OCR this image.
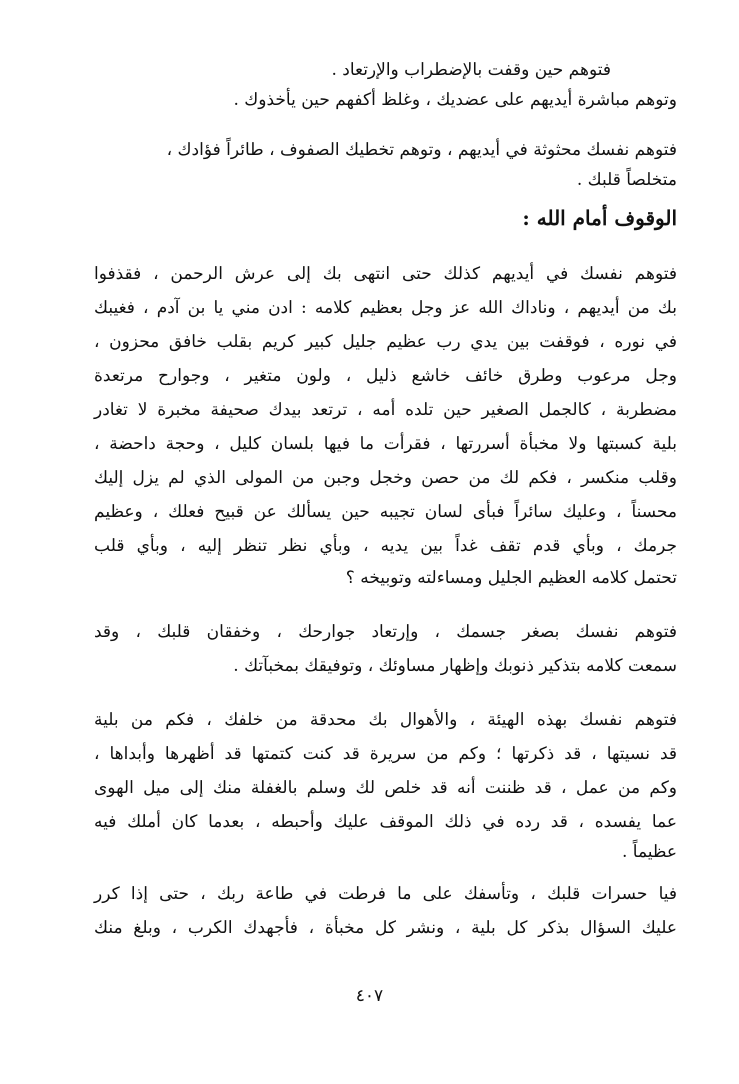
فتوهم حين وقفت بالإضطراب والإرتعاد .
وتوهم مباشرة أيديهم على عضديك ، وغلظ أكفهم حين يأخذوك .
فتوهم نفسك محثوثة في أيديهم ، وتوهم تخطيك الصفوف ، طائراً فؤادك ،
متخلصاً قلبك .
الوقوف أمام الله :
فتوهم نفسك في أيديهم كذلك حتى انتهى بك إلى عرش الرحمن ، فقذفوا
بك من أيديهم ، وناداك الله عز وجل بعظيم كلامه : ادن مني يا بن آدم ، فغيبك
في نوره ، فوقفت بين يدي رب عظيم جليل كبير كريم بقلب خافق محزون ،
وجل مرعوب وطرق خائف خاشع ذليل ، ولون متغير ، وجوارح مرتعدة
مضطربة ، كالجمل الصغير حين تلده أمه ، ترتعد بيدك صحيفة مخبرة لا تغادر
بلية كسبتها ولا مخبأة أسررتها ، فقرأت ما فيها بلسان كليل ، وحجة داحضة ،
وقلب منكسر ، فكم لك من حصن وخجل وجبن من المولى الذي لم يزل إليك
محسناً ، وعليك سائراً فبأى لسان تجيبه حين يسألك عن قبيح فعلك ، وعظيم
جرمك ، وبأي قدم تقف غداً بين يديه ، وبأي نظر تنظر إليه ، وبأي قلب
تحتمل كلامه العظيم الجليل ومساءلته وتوبيخه ؟
فتوهم نفسك بصغر جسمك ، وإرتعاد جوارحك ، وخفقان قلبك ، وقد
سمعت كلامه بتذكير ذنوبك وإظهار مساوئك ، وتوفيقك بمخبآتك .
فتوهم نفسك بهذه الهيئة ، والأهوال بك محدقة من خلفك ، فكم من بلية
قد نسيتها ، قد ذكرتها ؛ وكم من سريرة قد كنت كتمتها قد أظهرها وأبداها ،
وكم من عمل ، قد ظننت أنه قد خلص لك وسلم بالغفلة منك إلى ميل الهوى
عما يفسده ، قد رده في ذلك الموقف عليك وأحبطه ، بعدما كان أملك فيه
عظيماً .
فيا حسرات قلبك ، وتأسفك على ما فرطت في طاعة ربك ، حتى إذا كرر
عليك السؤال بذكر كل بلية ، ونشر كل مخبأة ، فأجهدك الكرب ، وبلغ منك
٤٠٧
